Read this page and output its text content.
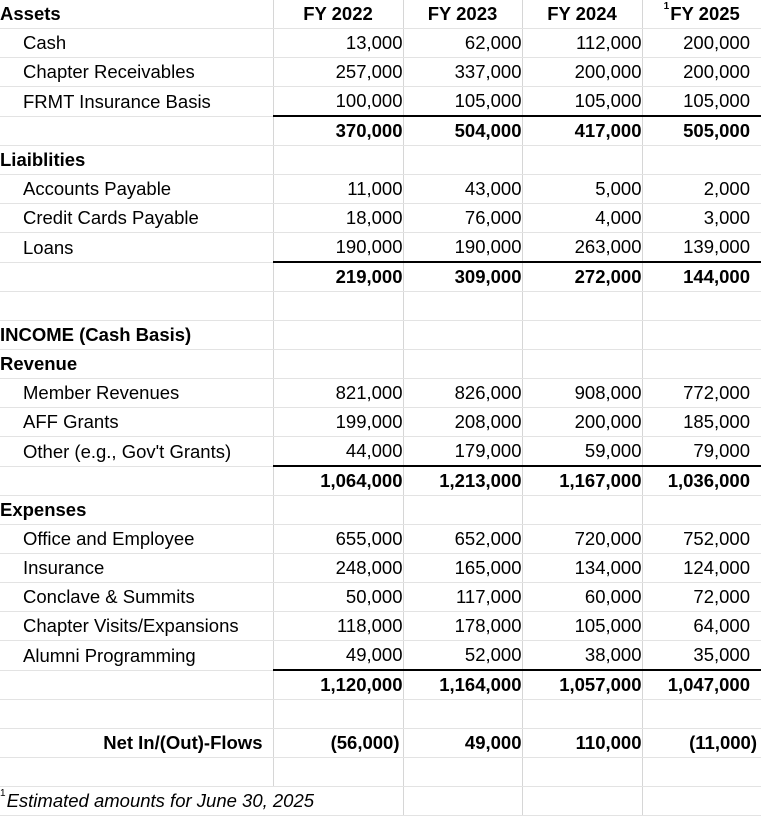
Assets	FY 2022	FY 2023	FY 2024	$^1$FY 2025
Cash	13,000	62,000	112,000	200,000
Chapter Receivables	257,000	337,000	200,000	200,000
FRMT Insurance Basis	100,000	105,000	105,000	105,000
	370,000	504,000	417,000	505,000
Liaiblities				
Accounts Payable	11,000	43,000	5,000	2,000
Credit Cards Payable	18,000	76,000	4,000	3,000
Loans	190,000	190,000	263,000	139,000
	219,000	309,000	272,000	144,000

INCOME (Cash Basis)				
Revenue				
Member Revenues	821,000	826,000	908,000	772,000
AFF Grants	199,000	208,000	200,000	185,000
Other (e.g., Gov't Grants)	44,000	179,000	59,000	79,000
	1,064,000	1,213,000	1,167,000	1,036,000
Expenses				
Office and Employee	655,000	652,000	720,000	752,000
Insurance	248,000	165,000	134,000	124,000
Conclave & Summits	50,000	117,000	60,000	72,000
Chapter Visits/Expansions	118,000	178,000	105,000	64,000
Alumni Programming	49,000	52,000	38,000	35,000
	1,120,000	1,164,000	1,057,000	1,047,000

Net In/(Out)-Flows	(56,000)	49,000	110,000	(11,000)

$^1$Estimated amounts for June 30, 2025				
